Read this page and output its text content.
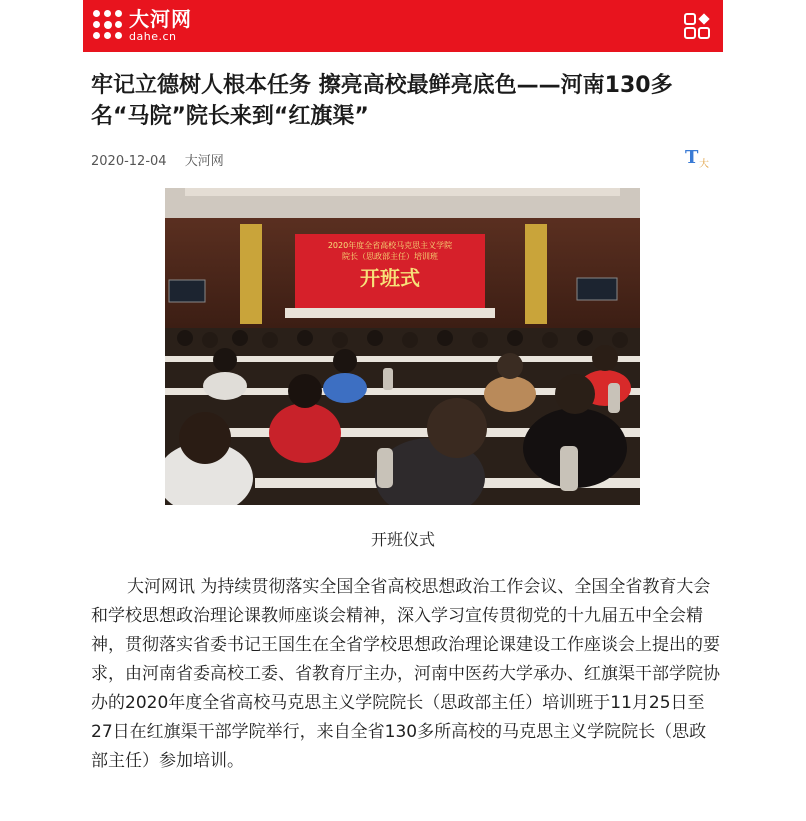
大河网
dahe.cn
牢记立德树人根本任务 擦亮高校最鲜亮底色——河南130多名“马院”院长来到“红旗渠”
2020-12-04 大河网	T 大
2020年度全省高校马克思主义学院
院长（思政部主任）培训班
开班式
开班仪式

大河网讯 为持续贯彻落实全国全省高校思想政治工作会议、全国全省教育大会和学校思想政治理论课教师座谈会精神，深入学习宣传贯彻党的十九届五中全会精神，贯彻落实省委书记王国生在全省学校思想政治理论课建设工作座谈会上提出的要求，由河南省委高校工委、省教育厅主办，河南中医药大学承办、红旗渠干部学院协办的2020年度全省高校马克思主义学院院长（思政部主任）培训班于11月25日至27日在红旗渠干部学院举行，来自全省130多所高校的马克思主义学院院长（思政部主任）参加培训。
